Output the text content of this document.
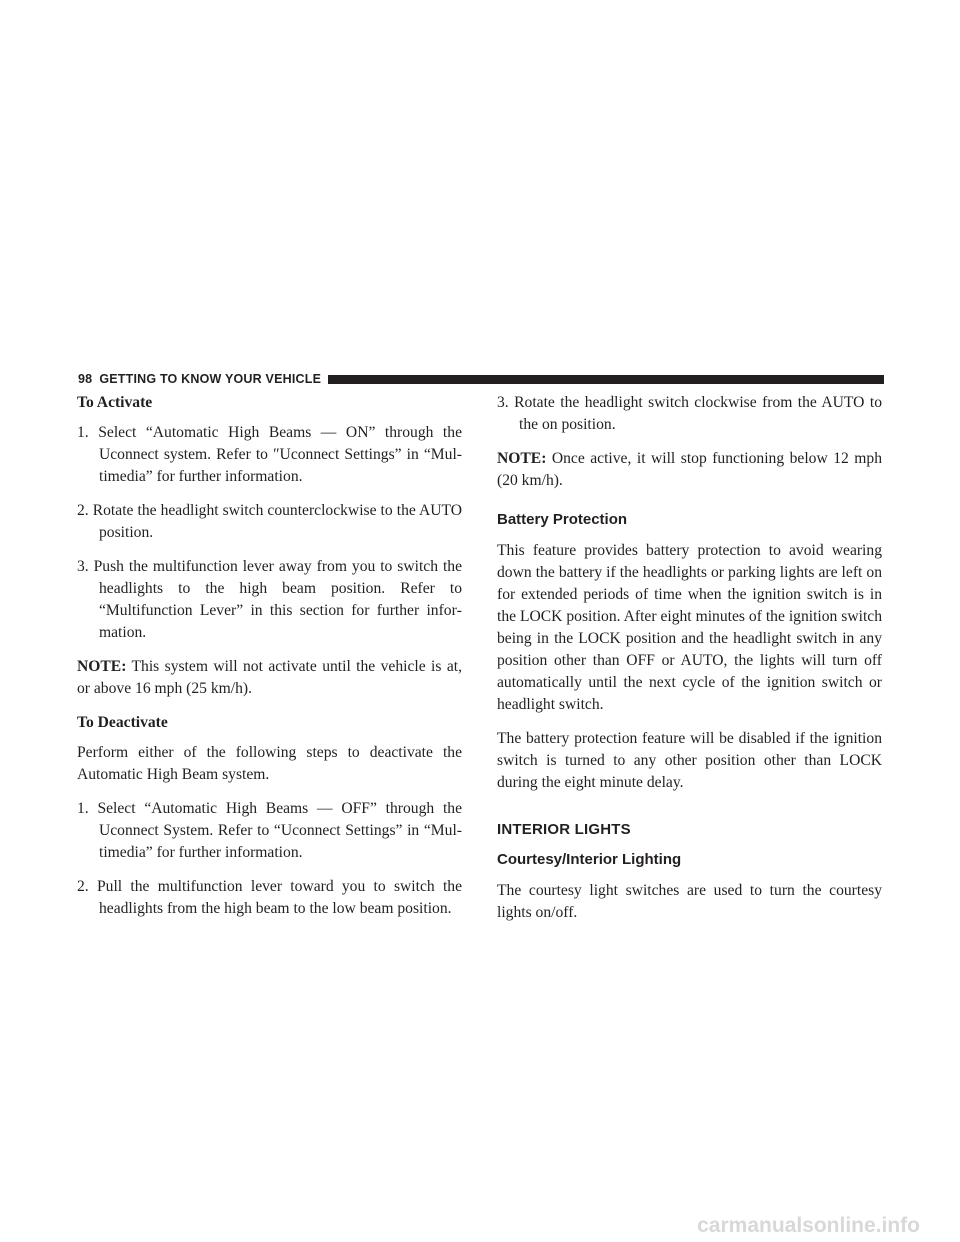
98 GETTING TO KNOW YOUR VEHICLE

To Activate

1. Select “Automatic High Beams — ON” through the Uconnect system. Refer to ″Uconnect Settings” in “Multimedia” for further information.

2. Rotate the headlight switch counterclockwise to the AUTO position.

3. Push the multifunction lever away from you to switch the headlights to the high beam position. Refer to “Multifunction Lever” in this section for further information.

NOTE: This system will not activate until the vehicle is at, or above 16 mph (25 km/h).

To Deactivate

Perform either of the following steps to deactivate the Automatic High Beam system.

1. Select “Automatic High Beams — OFF” through the Uconnect System. Refer to “Uconnect Settings” in “Multimedia” for further information.

2. Pull the multifunction lever toward you to switch the headlights from the high beam to the low beam position.

3. Rotate the headlight switch clockwise from the AUTO to the on position.

NOTE: Once active, it will stop functioning below 12 mph (20 km/h).

Battery Protection

This feature provides battery protection to avoid wearing down the battery if the headlights or parking lights are left on for extended periods of time when the ignition switch is in the LOCK position. After eight minutes of the ignition switch being in the LOCK position and the headlight switch in any position other than OFF or AUTO, the lights will turn off automatically until the next cycle of the ignition switch or headlight switch.

The battery protection feature will be disabled if the ignition switch is turned to any other position other than LOCK during the eight minute delay.

INTERIOR LIGHTS
Courtesy/Interior Lighting

The courtesy light switches are used to turn the courtesy lights on/off.

carmanualsonline.info
